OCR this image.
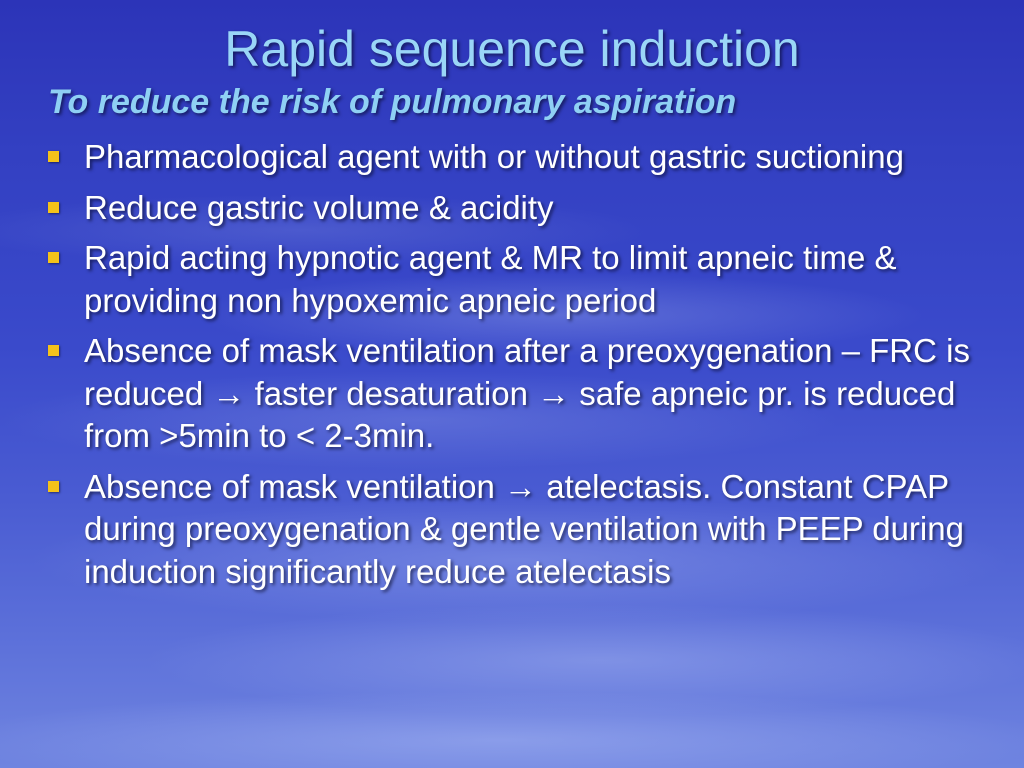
Rapid sequence induction

To reduce the risk of pulmonary aspiration

Pharmacological agent with or without gastric suctioning
Reduce gastric volume & acidity
Rapid acting hypnotic agent & MR to limit apneic time & providing non hypoxemic apneic period
Absence of mask ventilation after a preoxygenation – FRC is reduced → faster desaturation → safe apneic pr. is reduced from >5min to < 2-3min.
Absence of mask ventilation → atelectasis. Constant CPAP during preoxygenation & gentle ventilation with PEEP during induction significantly reduce atelectasis
